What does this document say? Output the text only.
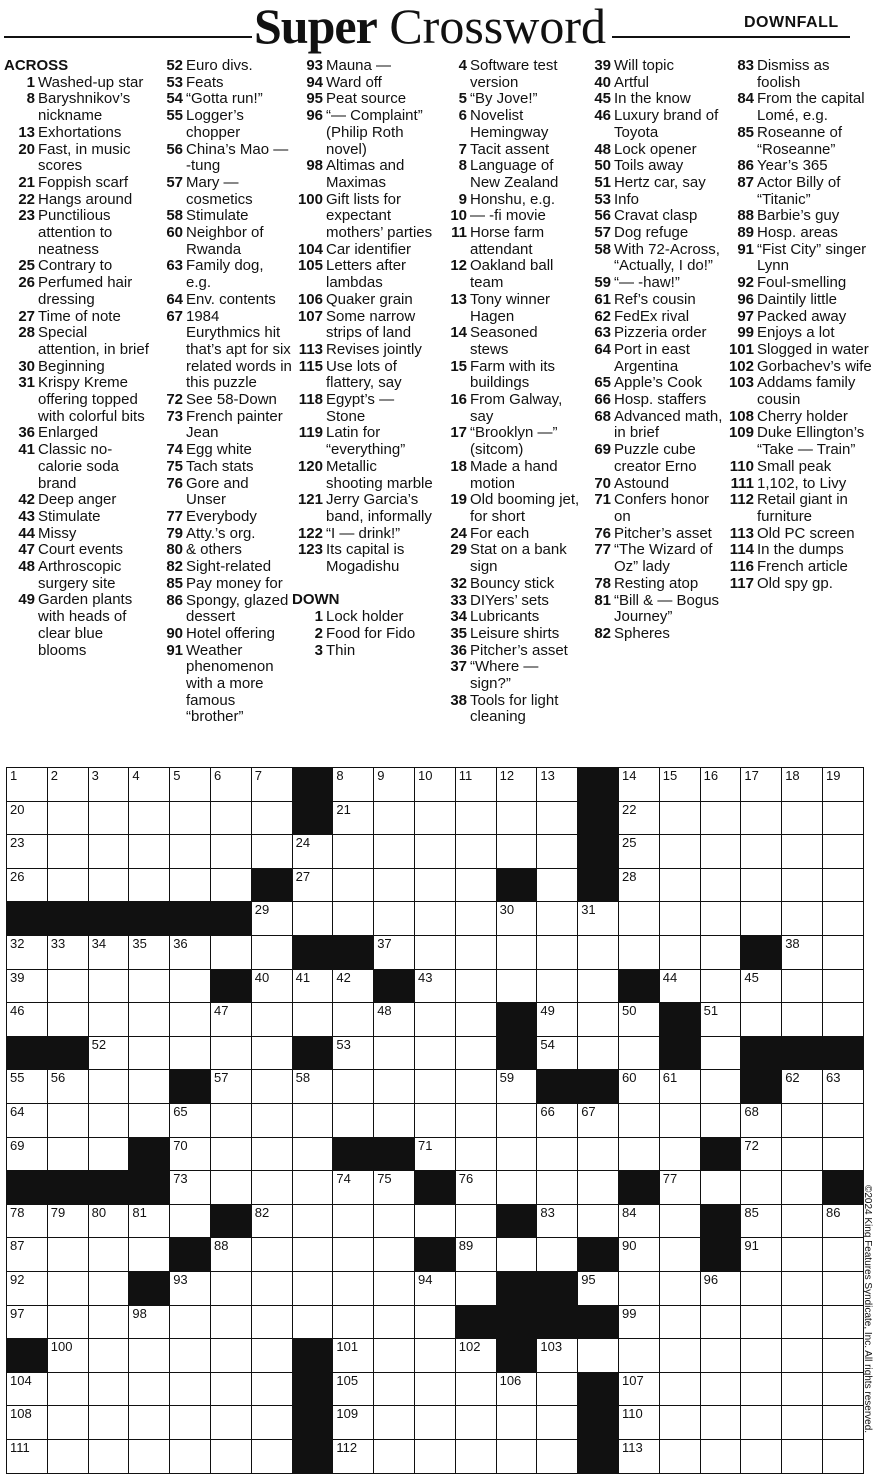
Super Crossword	DOWNFALL
ACROSS
1 Washed-up star
8 Baryshnikov’s nickname
13 Exhortations
20 Fast, in music scores
21 Foppish scarf
22 Hangs around
23 Punctilious attention to neatness
25 Contrary to
26 Perfumed hair dressing
27 Time of note
28 Special attention, in brief
30 Beginning
31 Krispy Kreme offering topped with colorful bits
36 Enlarged
41 Classic no-calorie soda brand
42 Deep anger
43 Stimulate
44 Missy
47 Court events
48 Arthroscopic surgery site
49 Garden plants with heads of clear blue blooms
52 Euro divs.
53 Feats
54 “Gotta run!”
55 Logger’s chopper
56 China’s Mao — -tung
57 Mary — cosmetics
58 Stimulate
60 Neighbor of Rwanda
63 Family dog, e.g.
64 Env. contents
67 1984 Eurythmics hit that’s apt for six related words in this puzzle
72 See 58-Down
73 French painter Jean
74 Egg white
75 Tach stats
76 Gore and Unser
77 Everybody
79 Atty.’s org.
80 & others
82 Sight-related
85 Pay money for
86 Spongy, glazed dessert
90 Hotel offering
91 Weather phenomenon with a more famous “brother”
93 Mauna —
94 Ward off
95 Peat source
96 “— Complaint” (Philip Roth novel)
98 Altimas and Maximas
100 Gift lists for expectant mothers’ parties
104 Car identifier
105 Letters after lambdas
106 Quaker grain
107 Some narrow strips of land
113 Revises jointly
115 Use lots of flattery, say
118 Egypt’s — Stone
119 Latin for “everything”
120 Metallic shooting marble
121 Jerry Garcia’s band, informally
122 “I — drink!”
123 Its capital is Mogadishu
DOWN
1 Lock holder
2 Food for Fido
3 Thin
4 Software test version
5 “By Jove!”
6 Novelist Hemingway
7 Tacit assent
8 Language of New Zealand
9 Honshu, e.g.
10 — -fi movie
11 Horse farm attendant
12 Oakland ball team
13 Tony winner Hagen
14 Seasoned stews
15 Farm with its buildings
16 From Galway, say
17 “Brooklyn —” (sitcom)
18 Made a hand motion
19 Old booming jet, for short
24 For each
29 Stat on a bank sign
32 Bouncy stick
33 DIYers’ sets
34 Lubricants
35 Leisure shirts
36 Pitcher’s asset
37 “Where — sign?”
38 Tools for light cleaning
39 Will topic
40 Artful
45 In the know
46 Luxury brand of Toyota
48 Lock opener
50 Toils away
51 Hertz car, say
53 Info
56 Cravat clasp
57 Dog refuge
58 With 72-Across, “Actually, I do!”
59 “— -haw!”
61 Ref’s cousin
62 FedEx rival
63 Pizzeria order
64 Port in east Argentina
65 Apple’s Cook
66 Hosp. staffers
68 Advanced math, in brief
69 Puzzle cube creator Erno
70 Astound
71 Confers honor on
76 Pitcher’s asset
77 “The Wizard of Oz” lady
78 Resting atop
81 “Bill & — Bogus Journey”
82 Spheres
83 Dismiss as foolish
84 From the capital Lomé, e.g.
85 Roseanne of “Roseanne”
86 Year’s 365
87 Actor Billy of “Titanic”
88 Barbie’s guy
89 Hosp. areas
91 “Fist City” singer Lynn
92 Foul-smelling
96 Daintily little
97 Packed away
99 Enjoys a lot
101 Slogged in water
102 Gorbachev’s wife
103 Addams family cousin
108 Cherry holder
109 Duke Ellington’s “Take — Train”
110 Small peak
111 1,102, to Livy
112 Retail giant in furniture
113 Old PC screen
114 In the dumps
116 French article
117 Old spy gp.
1	2	3	4	5	6	7	8	9	10 11 12 13	14 15 16 17 18 19
20	21	22
23	24	25
26	27	28
29	30	31
32 33 34 35 36	37	38
39	40 41 42	43	44	45
46	47	48	49	50	51
52	53	54
55 56	57	58	59	60 61	62 63
64	65	66 67	68
69	70	71	72
73	74 75	76	77
78 79 80 81	82	83	84	85	86
87	88	89	90	91
92	93	94	95	96
97	98	99
100	101	102	103
104	105	106	107
108	109	110
111	112	113
©2024 King Features Syndicate, Inc. All rights reserved.
